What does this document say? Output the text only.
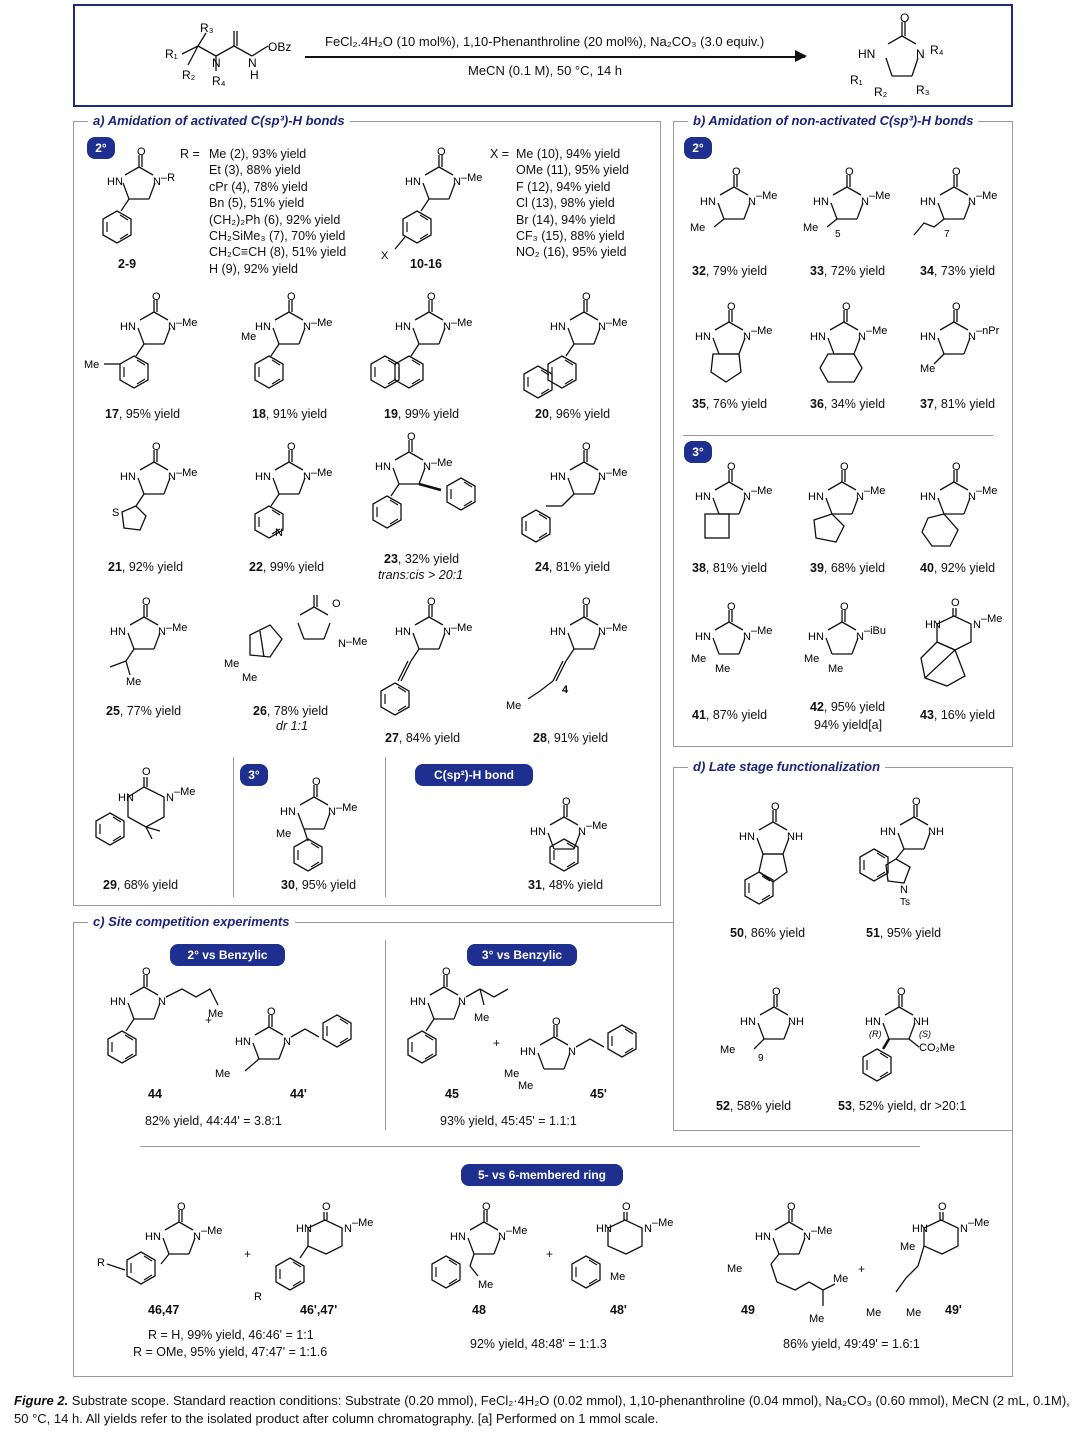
R₁
R₃
R₂
N
R₄
N
H
OBz	FeCl₂.4H₂O (10 mol%), 1,10-Phenanthroline (20 mol%), Na₂CO₃ (3.0 equiv.)
MeCN (0.1 M), 50 °C, 14 h
O
HN	N R₄
R₁
R₂ R₃
a) Amidation of activated C(sp³)-H bonds	b) Amidation of non-activated C(sp³)-H bonds
c) Site competition experiments
d) Late stage functionalization
2°	O
HN	N –R
2-9
R = Me (2), 93% yield
Et (3), 88% yield
cPr (4), 78% yield
Bn (5), 51% yield
(CH₂)₂Ph (6), 92% yield
CH₂SiMe₃ (7), 70% yield
CH₂C≡CH (8), 51% yield
H (9), 92% yield
O
HN	N –Me
X
10-16
X = Me (10), 94% yield
OMe (11), 95% yield
F (12), 94% yield
Cl (13), 98% yield
Br (14), 94% yield
CF₃ (15), 88% yield
NO₂ (16), 95% yield
O
HN	N –Me
Me
O
HN	N –Me
Me
O
HN	N –Me
O
HN	N –Me
17, 95% yield	18, 91% yield	19, 99% yield	20, 96% yield
O
HN	N –Me
S
O
HN	N –Me
N
O
HN	N –Me
O
HN	N –Me
21, 92% yield	22, 99% yield
23, 32% yield
trans:cis > 20:1
24, 81% yield
O
HN	N –Me
Me
O
N –Me
Me
Me
O
HN	N –Me
O
HN	N –Me
Me
4
25, 77% yield	26, 78% yield
dr 1:1
27, 84% yield	28, 91% yield
O
HN	N –Me
3°	O
HN	N –Me
Me
C(sp²)-H bond
O
HN	N –Me
29, 68% yield	30, 95% yield	31, 48% yield
2°
O
HN	N –Me
Me
O
HN	N –Me
Me
5
O
HN	N –Me
7
32, 79% yield	33, 72% yield	34, 73% yield
O
HN	N –Me
O
HN	N –Me
O
HN	N –nPr
Me
35, 76% yield	36, 34% yield	37, 81% yield
3°
O
HN	N –Me
O
HN	N –Me
O
HN	N –Me
38, 81% yield	39, 68% yield	40, 92% yield
O
HN	N –Me
Me
Me
O
HN	N –iBu
Me
Me
O
HN	N –Me
41, 87% yield
42, 95% yield
94% yield[a]
43, 16% yield
O
HN	NH
O
HN	NH
N
Ts
50, 86% yield	51, 95% yield
O
HN	NH
Me
9
O
HN	NH
(R)	(S)
CO₂Me
52, 58% yield	53, 52% yield, dr >20:1
2° vs Benzylic	3° vs Benzylic
O
HN	N
Me
+
O
HN	N
Me
44	44'
82% yield, 44:44' = 3.8:1
O
HN	N
Me
+
O
HN	N
Me
Me
45	45'
93% yield, 45:45' = 1.1:1
5- vs 6-membered ring
O
HN	N –Me
R
+
O
HN	N –Me
R
46,47	46',47'
R = H, 99% yield, 46:46' = 1:1
R = OMe, 95% yield, 47:47' = 1:1.6
O
HN	N –Me
Me
+
O
HN	N –Me
Me
48	48'
92% yield, 48:48' = 1:1.3
O
HN	N –Me
Me
Me
Me
+
O
HN	N –Me
Me
Me Me
49	49'
86% yield, 49:49' = 1.6:1
Figure 2. Substrate scope. Standard reaction conditions: Substrate (0.20 mmol), FeCl₂·4H₂O (0.02 mmol), 1,10-phenanthroline (0.04 mmol), Na₂CO₃ (0.60 mmol), MeCN (2 mL, 0.1M), 50 °C, 14 h. All yields refer to the isolated product after column chromatography. [a] Performed on 1 mmol scale.
